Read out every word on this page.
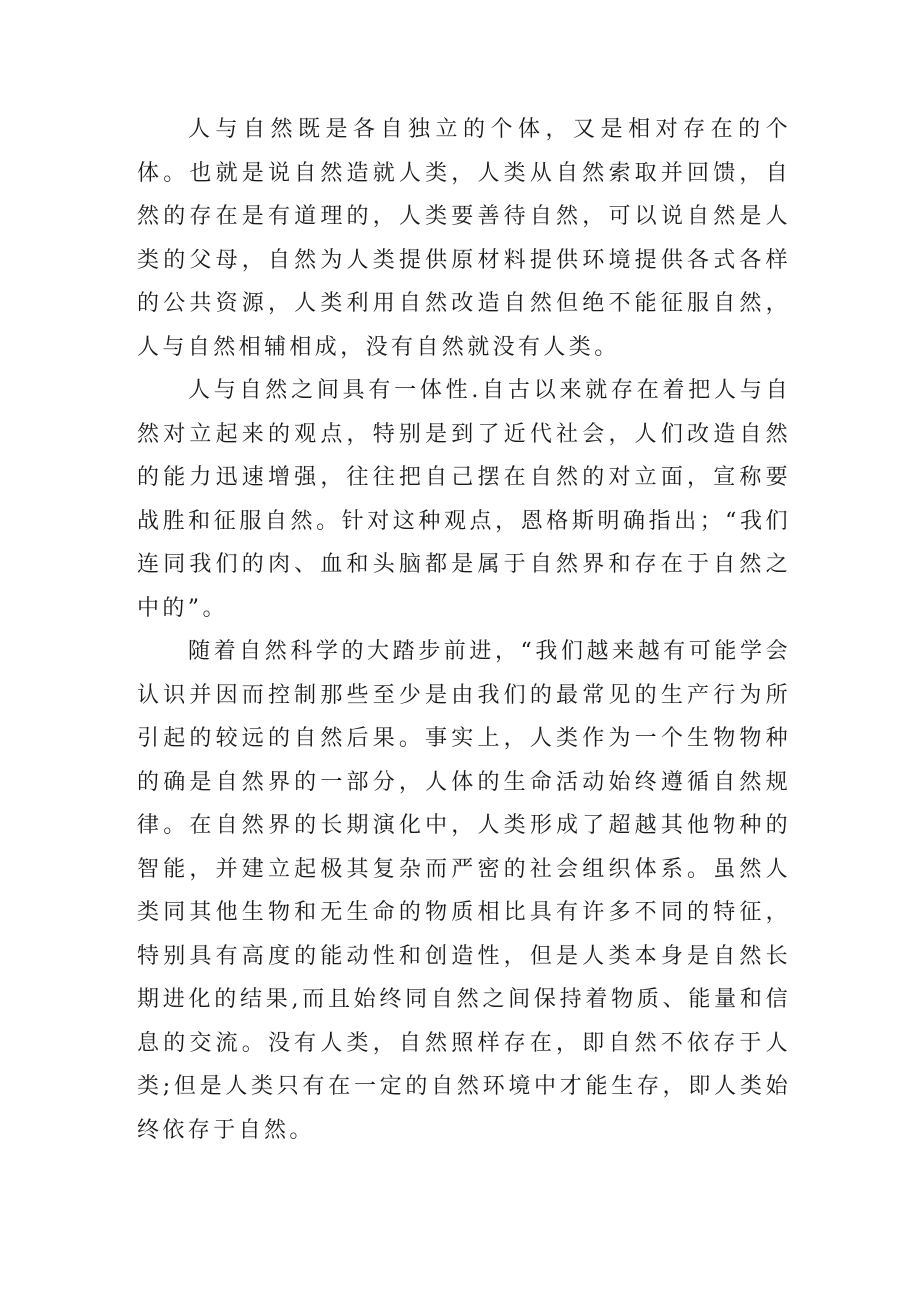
人与自然既是各自独立的个体，又是相对存在的个体。也就是说自然造就人类，人类从自然索取并回馈，自然的存在是有道理的，人类要善待自然，可以说自然是人类的父母，自然为人类提供原材料提供环境提供各式各样的公共资源，人类利用自然改造自然但绝不能征服自然，人与自然相辅相成，没有自然就没有人类。

人与自然之间具有一体性.自古以来就存在着把人与自然对立起来的观点，特别是到了近代社会，人们改造自然的能力迅速增强，往往把自己摆在自然的对立面，宣称要战胜和征服自然。针对这种观点，恩格斯明确指出；“我们连同我们的肉、血和头脑都是属于自然界和存在于自然之中的”。

随着自然科学的大踏步前进，“我们越来越有可能学会认识并因而控制那些至少是由我们的最常见的生产行为所引起的较远的自然后果。事实上，人类作为一个生物物种的确是自然界的一部分，人体的生命活动始终遵循自然规律。在自然界的长期演化中，人类形成了超越其他物种的智能，并建立起极其复杂而严密的社会组织体系。虽然人类同其他生物和无生命的物质相比具有许多不同的特征，特别具有高度的能动性和创造性，但是人类本身是自然长期进化的结果,而且始终同自然之间保持着物质、能量和信息的交流。没有人类，自然照样存在，即自然不依存于人类;但是人类只有在一定的自然环境中才能生存，即人类始终依存于自然。
